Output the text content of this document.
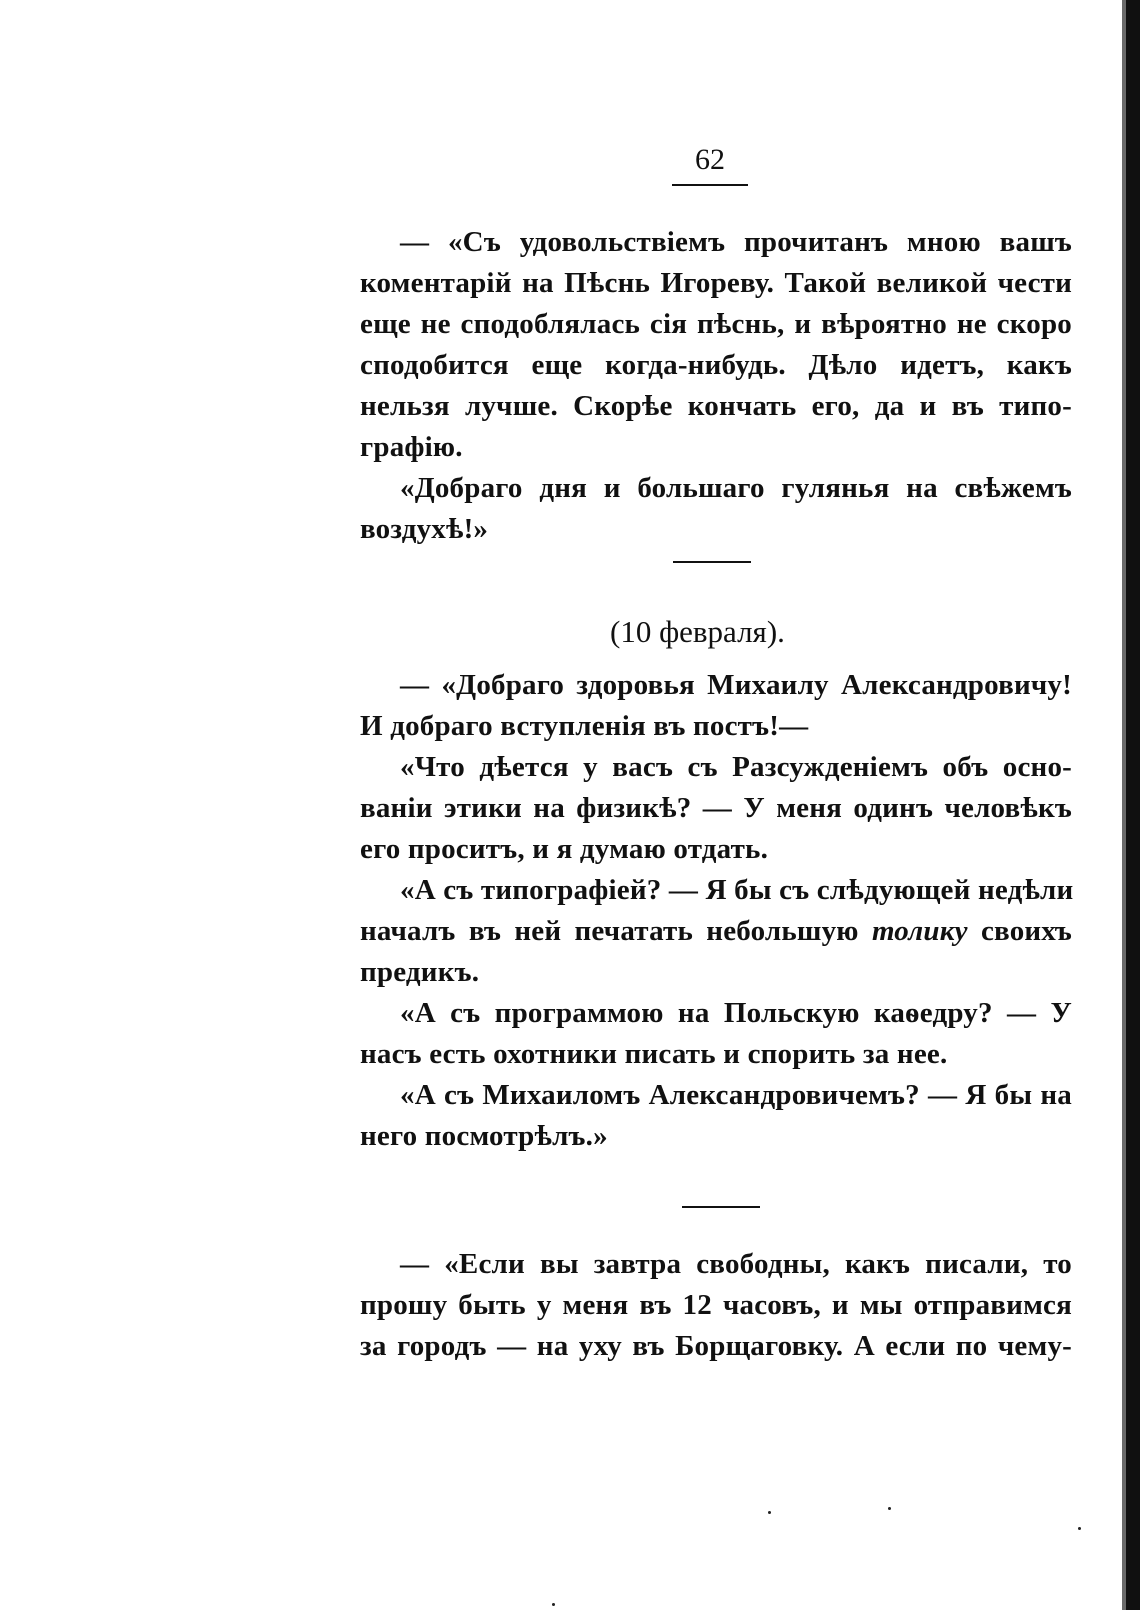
62
— «Съ удовольствіемъ прочитанъ мною вашъ
коментарій на Пѣснь Игореву. Такой великой чести
еще не сподоблялась сія пѣснь, и вѣроятно не скоро
сподобится еще когда-нибудь. Дѣло идетъ, какъ
нельзя лучше. Скорѣе кончать его, да и въ типо-
графію.
«Добраго дня и большаго гулянья на свѣжемъ
воздухѣ!»
(10 февраля).
— «Добраго здоровья Михаилу Александровичу!
И добраго вступленія въ постъ!—
«Что дѣется у васъ съ Разсужденіемъ объ осно-
ваніи этики на физикѣ? — У меня одинъ человѣкъ
его проситъ, и я думаю отдать.
«А съ типографіей? — Я бы съ слѣдующей недѣли
началъ въ ней печатать небольшую толику своихъ
предикъ.
«А съ программою на Польскую каѳедру? — У
насъ есть охотники писать и спорить за нее.
«А съ Михаиломъ Александровичемъ? — Я бы на
него посмотрѣлъ.»
— «Если вы завтра свободны, какъ писали, то
прошу быть у меня въ 12 часовъ, и мы отправимся
за городъ — на уху въ Борщаговку. А если по чему-
